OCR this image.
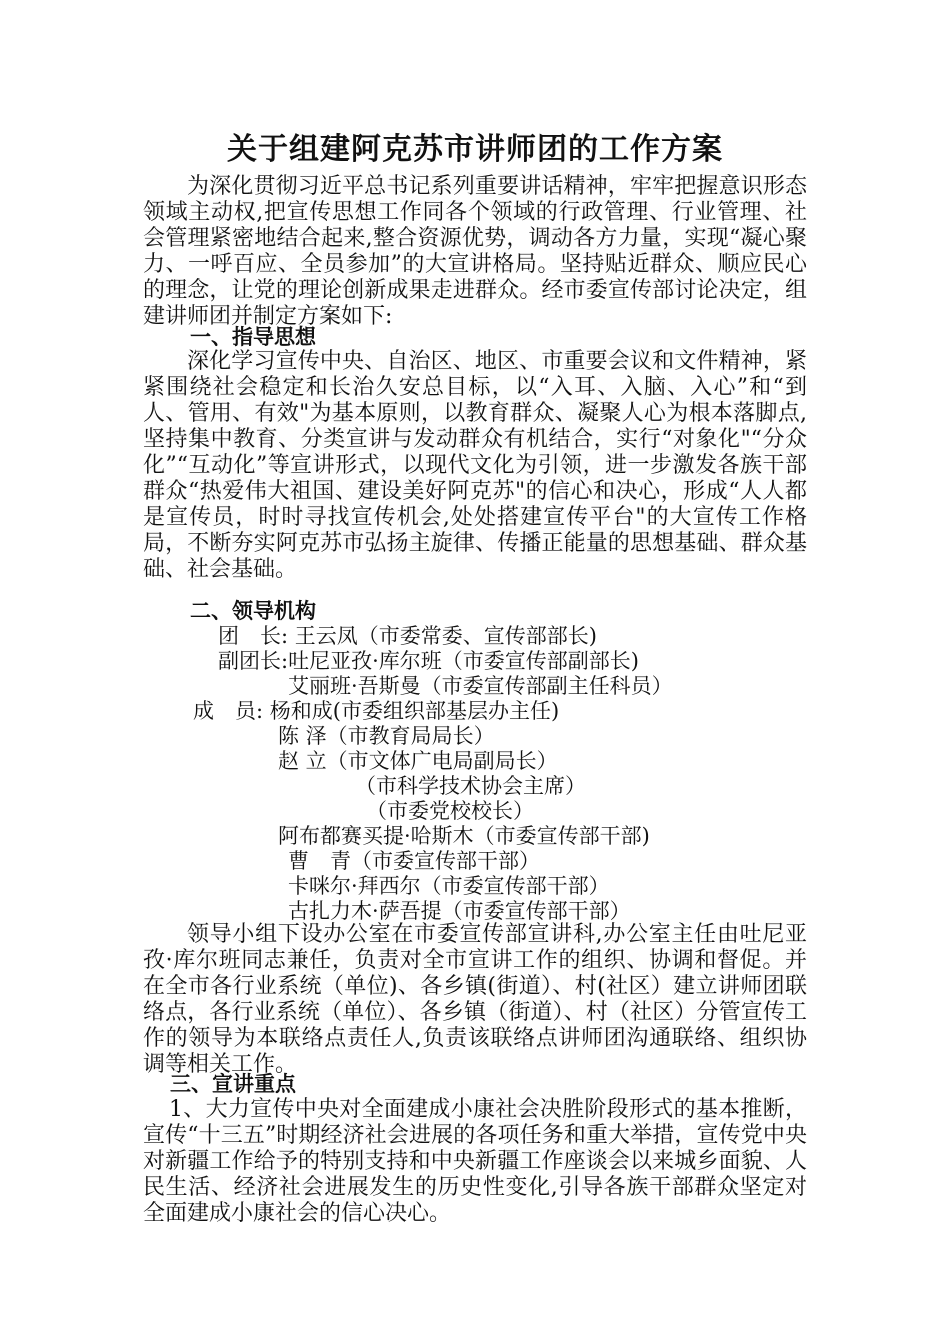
关于组建阿克苏市讲师团的工作方案
为深化贯彻习近平总书记系列重要讲话精神，牢牢把握意识形态领域主动权,把宣传思想工作同各个领域的行政管理、行业管理、社会管理紧密地结合起来,整合资源优势，调动各方力量，实现“凝心聚力、一呼百应、全员参加”的大宣讲格局。坚持贴近群众、顺应民心的理念，让党的理论创新成果走进群众。经市委宣传部讨论决定，组建讲师团并制定方案如下:
一、指导思想
深化学习宣传中央、自治区、地区、市重要会议和文件精神，紧紧围绕社会稳定和长治久安总目标，以“入耳、入脑、入心”和“到人、管用、有效"为基本原则，以教育群众、凝聚人心为根本落脚点,坚持集中教育、分类宣讲与发动群众有机结合，实行“对象化"“分众化”“互动化”等宣讲形式，以现代文化为引领，进一步激发各族干部群众“热爱伟大祖国、建设美好阿克苏"的信心和决心，形成“人人都是宣传员，时时寻找宣传机会,处处搭建宣传平台"的大宣传工作格局，不断夯实阿克苏市弘扬主旋律、传播正能量的思想基础、群众基础、社会基础。
二、领导机构
团　长: 王云凤（市委常委、宣传部部长)
副团长:吐尼亚孜·库尔班（市委宣传部副部长)
艾丽班·吾斯曼（市委宣传部副主任科员）
成　员: 杨和成(市委组织部基层办主任)
陈 泽（市教育局局长）
赵 立（市文体广电局副局长）
（市科学技术协会主席）
（市委党校校长）
阿布都赛买提·哈斯木（市委宣传部干部)
曹　青（市委宣传部干部）
卡咪尔·拜西尔（市委宣传部干部）
古扎力木·萨吾提（市委宣传部干部）
领导小组下设办公室在市委宣传部宣讲科,办公室主任由吐尼亚孜·库尔班同志兼任，负责对全市宣讲工作的组织、协调和督促。并在全市各行业系统（单位)、各乡镇(街道）、村(社区）建立讲师团联络点，各行业系统（单位）、各乡镇（街道）、村（社区）分管宣传工作的领导为本联络点责任人,负责该联络点讲师团沟通联络、组织协调等相关工作。
三、宣讲重点
1、大力宣传中央对全面建成小康社会决胜阶段形式的基本推断，宣传“十三五”时期经济社会进展的各项任务和重大举措，宣传党中央对新疆工作给予的特别支持和中央新疆工作座谈会以来城乡面貌、人民生活、经济社会进展发生的历史性变化,引导各族干部群众坚定对全面建成小康社会的信心决心。
